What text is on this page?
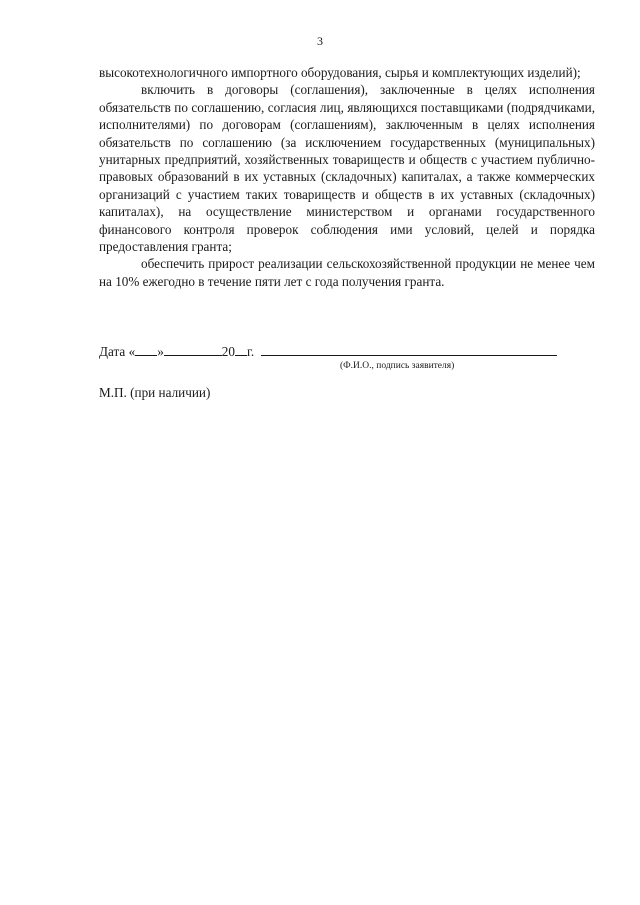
3

высокотехнологичного импортного оборудования, сырья и комплектующих изделий);

включить в договоры (соглашения), заключенные в целях исполнения обязательств по соглашению, согласия лиц, являющихся поставщиками (подрядчиками, исполнителями) по договорам (соглашениям), заключенным в целях исполнения обязательств по соглашению (за исключением государственных (муниципальных) унитарных предприятий, хозяйственных товариществ и обществ с участием публично-правовых образований в их уставных (складочных) капиталах, а также коммерческих организаций с участием таких товариществ и обществ в их уставных (складочных) капиталах), на осуществление министерством и органами государственного финансового контроля проверок соблюдения ими условий, целей и порядка предоставления гранта;

обеспечить прирост реализации сельскохозяйственной продукции не менее чем на 10% ежегодно в течение пяти лет с года получения гранта.

Дата « »	20 г.
(Ф.И.О., подпись заявителя)
М.П. (при наличии)
